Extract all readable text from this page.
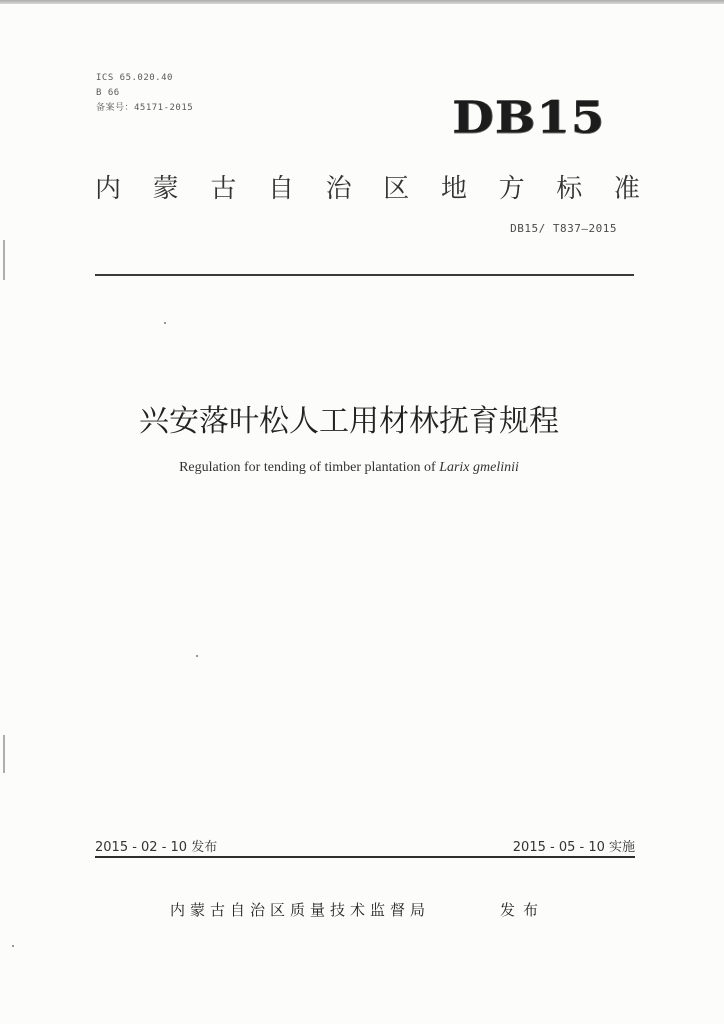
ICS 65.020.40
B 66
备案号：45171-2015	DB15
内 蒙 古 自 治 区 地 方 标 准
DB15/ T837—2015
兴安落叶松人工用材林抚育规程
Regulation for tending of timber plantation of Larix gmelinii
2015 - 02 - 10 发布	2015 - 05 - 10 实施
内蒙古自治区质量技术监督局	发布
